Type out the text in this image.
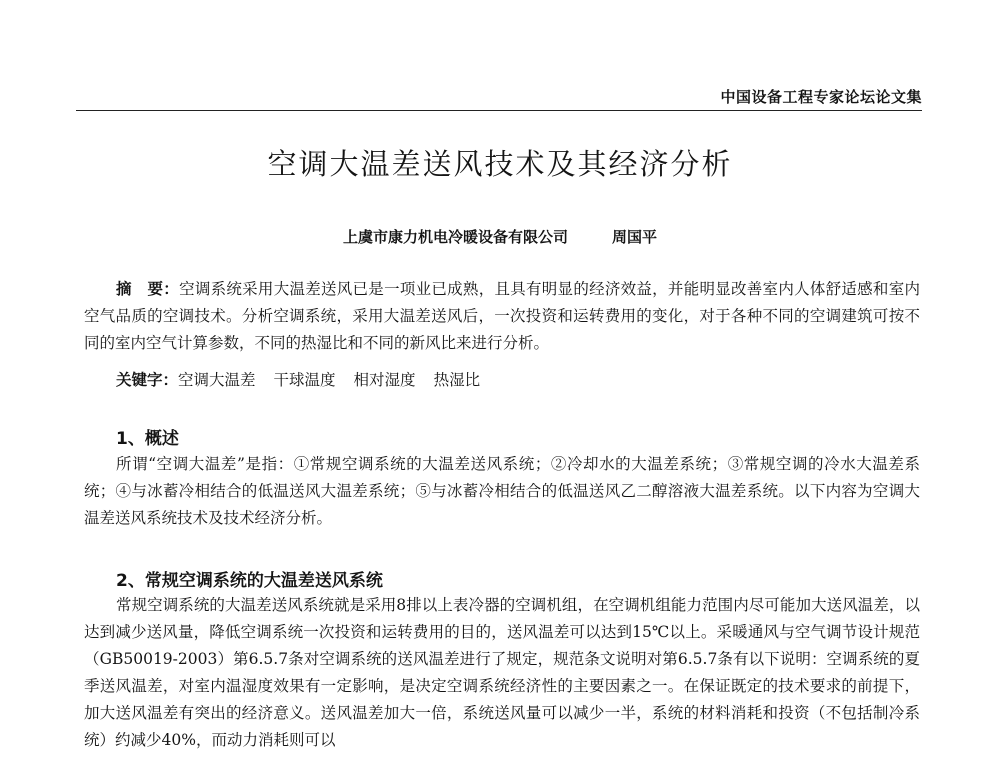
中国设备工程专家论坛论文集
空调大温差送风技术及其经济分析
上虞市康力机电冷暖设备有限公司	周国平
摘　要：空调系统采用大温差送风已是一项业已成熟，且具有明显的经济效益，并能明显改善室内人体舒适感和室内空气品质的空调技术。分析空调系统，采用大温差送风后，一次投资和运转费用的变化，对于各种不同的空调建筑可按不同的室内空气计算参数，不同的热湿比和不同的新风比来进行分析。
关键字：空调大温差 干球温度 相对湿度 热湿比
1、概述
所谓“空调大温差”是指：①常规空调系统的大温差送风系统；②冷却水的大温差系统；③常规空调的冷水大温差系统；④与冰蓄冷相结合的低温送风大温差系统；⑤与冰蓄冷相结合的低温送风乙二醇溶液大温差系统。以下内容为空调大温差送风系统技术及技术经济分析。
2、常规空调系统的大温差送风系统
常规空调系统的大温差送风系统就是采用8排以上表冷器的空调机组，在空调机组能力范围内尽可能加大送风温差，以达到减少送风量，降低空调系统一次投资和运转费用的目的，送风温差可以达到15℃以上。采暖通风与空气调节设计规范（GB50019-2003）第6.5.7条对空调系统的送风温差进行了规定，规范条文说明对第6.5.7条有以下说明：空调系统的夏季送风温差，对室内温湿度效果有一定影响，是决定空调系统经济性的主要因素之一。在保证既定的技术要求的前提下，加大送风温差有突出的经济意义。送风温差加大一倍，系统送风量可以减少一半，系统的材料消耗和投资（不包括制冷系统）约减少40%，而动力消耗则可以
